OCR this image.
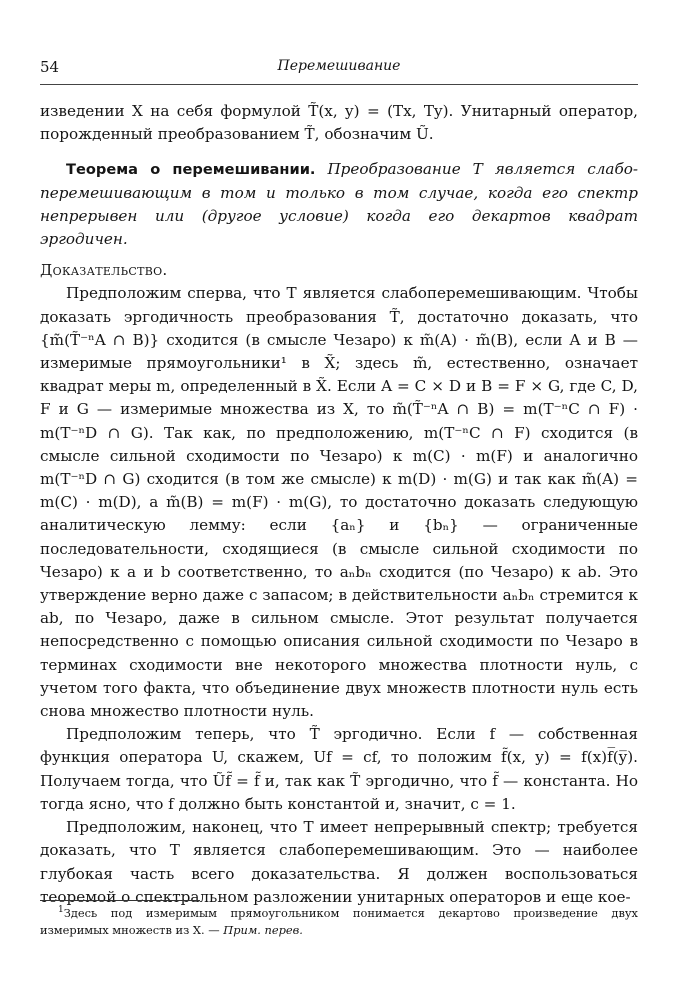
54	Перемешивание

изведении X на себя формулой T̃(x, y) = (Tx, Ty). Унитарный оператор, порожденный преобразованием T̃, обозначим Ũ.

Теорема о перемешивании. Преобразование T является слабо-перемешивающим в том и только в том случае, когда его спектр непрерывен или (другое условие) когда его декартов квадрат эргодичен.

Доказательство.

Предположим сперва, что T является слабоперемешивающим. Чтобы доказать эргодичность преобразования T̃, достаточно доказать, что {m̃(T̃⁻ⁿA ∩ B)} сходится (в смысле Чезаро) к m̃(A) · m̃(B), если A и B — измеримые прямоугольники¹ в X̃; здесь m̃, естественно, означает квадрат меры m, определенный в X̃. Если A = C × D и B = F × G, где C, D, F и G — измеримые множества из X, то m̃(T̃⁻ⁿA ∩ B) = m(T⁻ⁿC ∩ F) · m(T⁻ⁿD ∩ G). Так как, по предположению, m(T⁻ⁿC ∩ F) сходится (в смысле сильной сходимости по Чезаро) к m(C) · m(F) и аналогично m(T⁻ⁿD ∩ G) сходится (в том же смысле) к m(D) · m(G) и так как m̃(A) = m(C) · m(D), а m̃(B) = m(F) · m(G), то достаточно доказать следующую аналитическую лемму: если {aₙ} и {bₙ} — ограниченные последовательности, сходящиеся (в смысле сильной сходимости по Чезаро) к a и b соответственно, то aₙbₙ сходится (по Чезаро) к ab. Это утверждение верно даже с запасом; в действительности aₙbₙ стремится к ab, по Чезаро, даже в сильном смысле. Этот результат получается непосредственно с помощью описания сильной сходимости по Чезаро в терминах сходимости вне некоторого множества плотности нуль, с учетом того факта, что объединение двух множеств плотности нуль есть снова множество плотности нуль.

Предположим теперь, что T̃ эргодично. Если f — собственная функция оператора U, скажем, Uf = cf, то положим f̃(x, y) = f(x)f̅(y̅). Получаем тогда, что Ũf̃ = f̃ и, так как T̃ эргодично, что f̃ — константа. Но тогда ясно, что f должно быть константой и, значит, c = 1.

Предположим, наконец, что T имеет непрерывный спектр; требуется доказать, что T является слабоперемешивающим. Это — наиболее глубокая часть всего доказательства. Я должен воспользоваться теоремой о спектральном разложении унитарных операторов и еще кое-

$^1$Здесь под измеримым прямоугольником понимается декартово произведение двух измеримых множеств из X. — Прим. перев.
